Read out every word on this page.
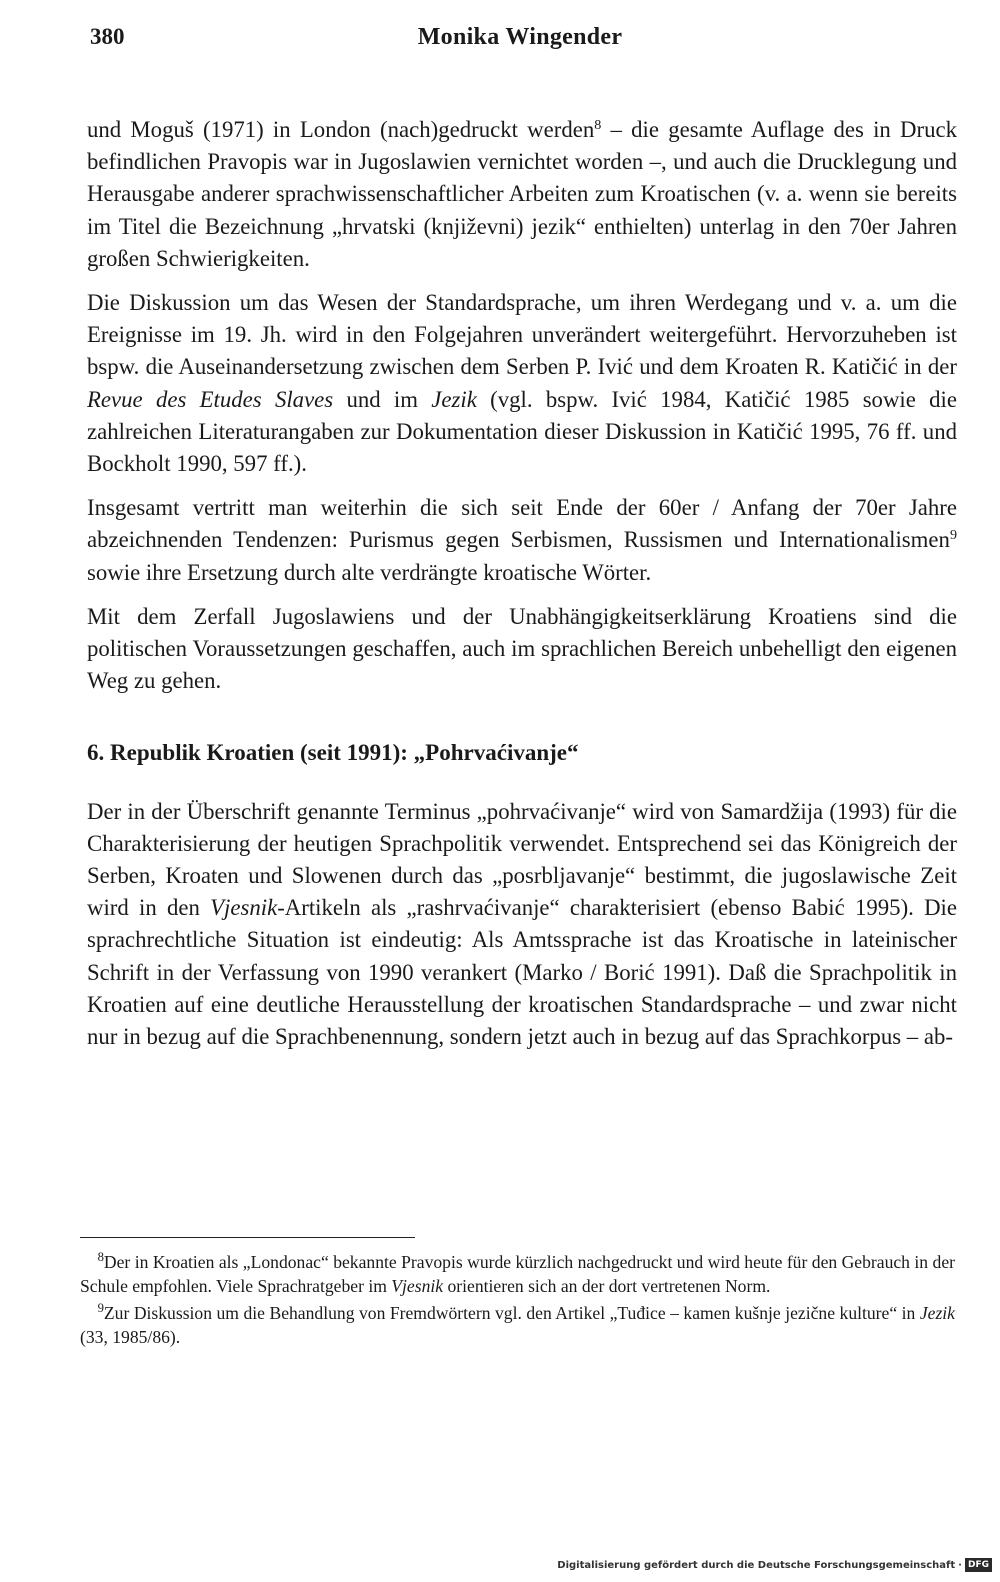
380	Monika Wingender

und Moguš (1971) in London (nach)gedruckt werden$^8$ – die gesamte Auflage des in Druck befindlichen Pravopis war in Jugoslawien vernichtet worden –, und auch die Drucklegung und Herausgabe anderer sprachwissenschaftlicher Arbeiten zum Kroatischen (v. a. wenn sie bereits im Titel die Bezeichnung „hrvatski (književni) jezik“ enthielten) unterlag in den 70er Jahren großen Schwierigkeiten.

Die Diskussion um das Wesen der Standardsprache, um ihren Werdegang und v. a. um die Ereignisse im 19. Jh. wird in den Folgejahren unverändert weitergeführt. Hervorzuheben ist bspw. die Auseinandersetzung zwischen dem Serben P. Ivić und dem Kroaten R. Katičić in der Revue des Etudes Slaves und im Jezik (vgl. bspw. Ivić 1984, Katičić 1985 sowie die zahlreichen Literaturangaben zur Dokumentation dieser Diskussion in Katičić 1995, 76 ff. und Bockholt 1990, 597 ff.).

Insgesamt vertritt man weiterhin die sich seit Ende der 60er / Anfang der 70er Jahre abzeichnenden Tendenzen: Purismus gegen Serbismen, Russismen und Internationalismen$^9$ sowie ihre Ersetzung durch alte verdrängte kroatische Wörter.

Mit dem Zerfall Jugoslawiens und der Unabhängigkeitserklärung Kroatiens sind die politischen Voraussetzungen geschaffen, auch im sprachlichen Bereich unbehelligt den eigenen Weg zu gehen.

6. Republik Kroatien (seit 1991): „Pohrvaćivanje“

Der in der Überschrift genannte Terminus „pohrvaćivanje“ wird von Samardžija (1993) für die Charakterisierung der heutigen Sprachpolitik verwendet. Entsprechend sei das Königreich der Serben, Kroaten und Slowenen durch das „posrbljavanje“ bestimmt, die jugoslawische Zeit wird in den Vjesnik-Artikeln als „rashrvaćivanje“ charakterisiert (ebenso Babić 1995). Die sprachrechtliche Situation ist eindeutig: Als Amtssprache ist das Kroatische in lateinischer Schrift in der Verfassung von 1990 verankert (Marko / Borić 1991). Daß die Sprachpolitik in Kroatien auf eine deutliche Herausstellung der kroatischen Standardsprache – und zwar nicht nur in bezug auf die Sprachbenennung, sondern jetzt auch in bezug auf das Sprachkorpus – ab-

 $^8$Der in Kroatien als „Londonac“ bekannte Pravopis wurde kürzlich nachgedruckt und wird heute für den Gebrauch in der Schule empfohlen. Viele Sprachratgeber im Vjesnik orientieren sich an der dort vertretenen Norm.

 $^9$Zur Diskussion um die Behandlung von Fremdwörtern vgl. den Artikel „Tuđice – kamen kušnje jezične kulture“ in Jezik (33, 1985/86).

Digitalisierung gefördert durch die Deutsche Forschungsgemeinschaft · DFG
